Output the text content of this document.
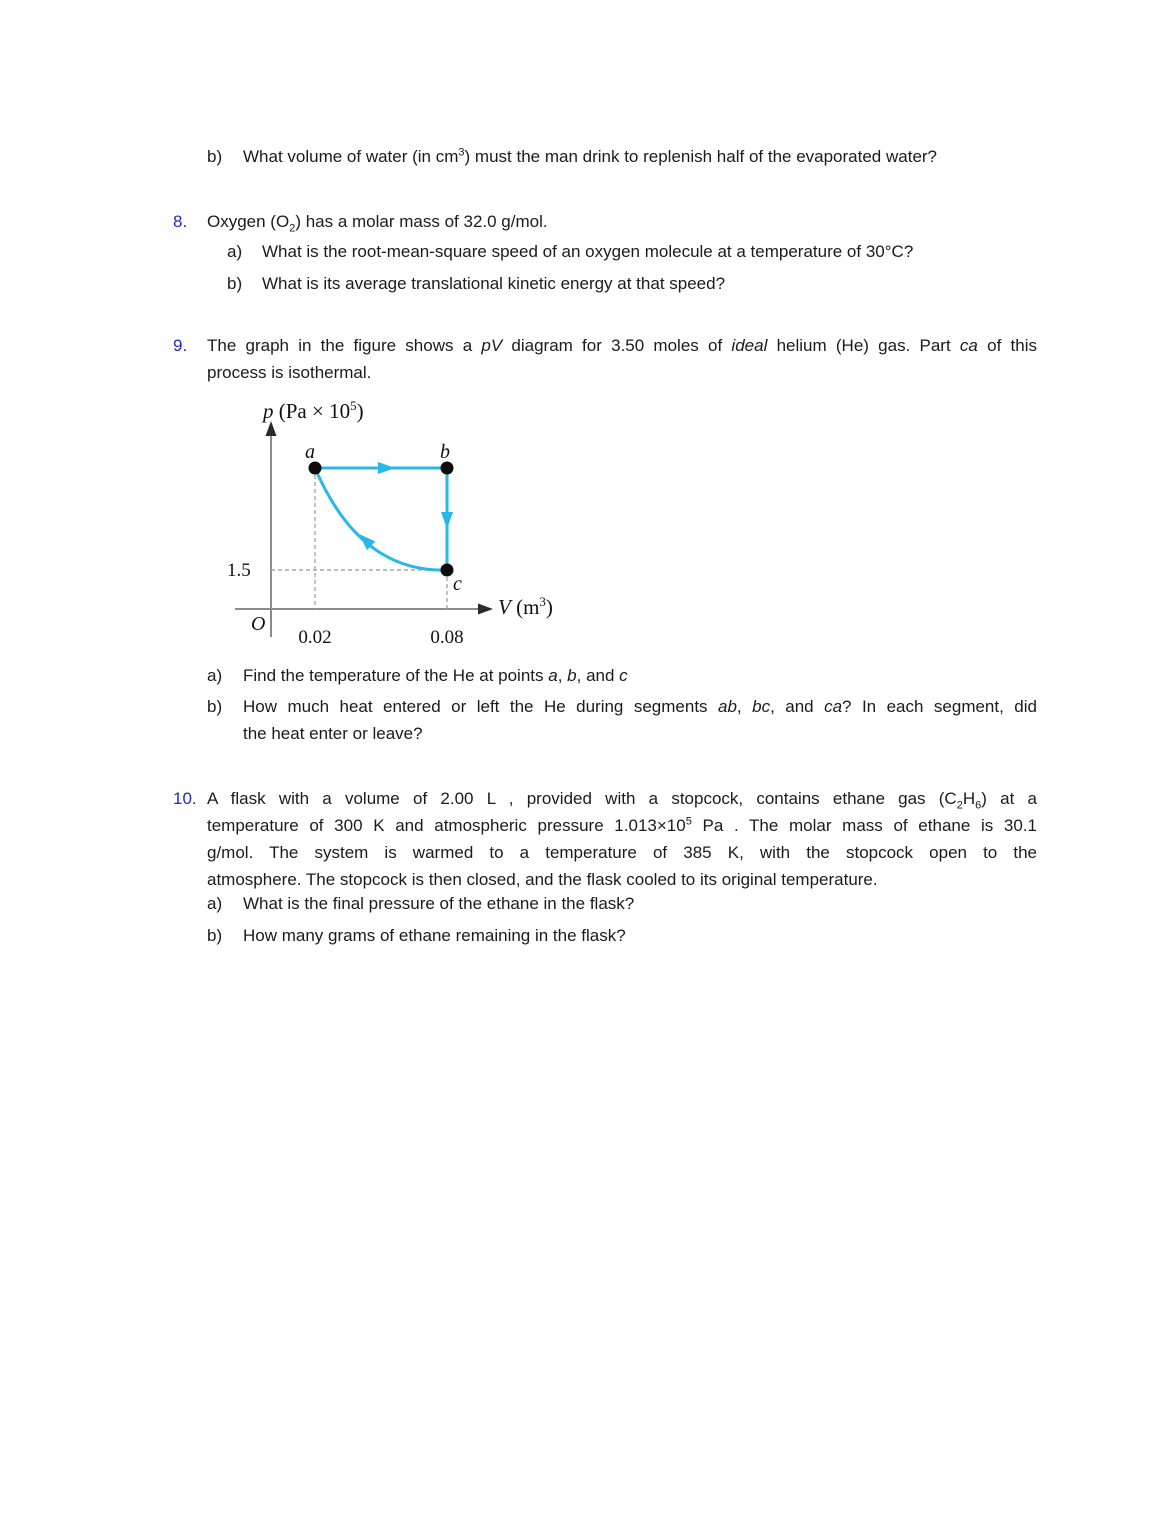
b) What volume of water (in $cm^3$) must the man drink to replenish half of the evaporated water?
8. Oxygen $(O_2)$ has a molar mass of 32.0 g/mol.
a) What is the root-mean-square speed of an oxygen molecule at a temperature of 30°C?
b) What is its average translational kinetic energy at that speed?
9. The graph in the figure shows a pV diagram for 3.50 moles of ideal helium (He) gas. Part ca of this
process is isothermal.
p $(Pa \times 10^5)$
V $(m^3)$
a	b
c
1.5
O
0.02	0.08
a) Find the temperature of the He at points a, b, and c
b) How much heat entered or left the He during segments ab, bc, and ca? In each segment, did
the heat enter or leave?
10. A flask with a volume of 2.00 L , provided with a stopcock, contains ethane gas $(C_2H_6)$ at a
temperature of 300 K and atmospheric pressure $1.013\times 10^5$ Pa . The molar mass of ethane is 30.1
g/mol. The system is warmed to a temperature of 385 K, with the stopcock open to the
atmosphere. The stopcock is then closed, and the flask cooled to its original temperature.
a) What is the final pressure of the ethane in the flask?
b) How many grams of ethane remaining in the flask?
